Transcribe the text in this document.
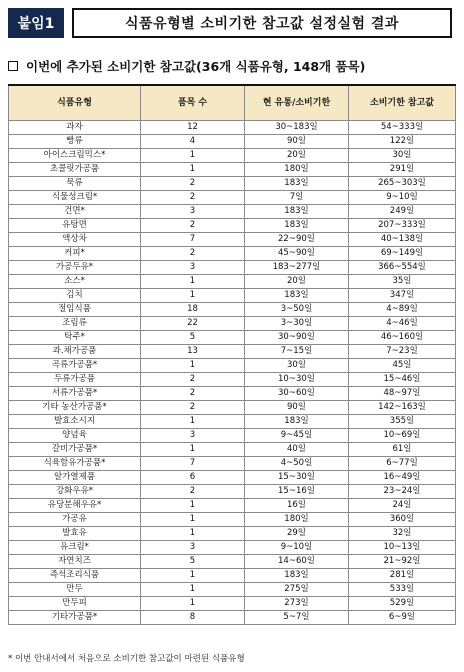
붙임1	식품유형별 소비기한 참고값 설정실험 결과
이번에 추가된 소비기한 참고값(36개 식품유형, 148개 품목)
식품유형	품목 수	현 유통/소비기한	소비기한 참고값
과자	12	30~183일	54~333일
빵류	4	90일	122일
아이스크림믹스*	1	20일	30일
초콜릿가공품	1	180일	291일
묵류	2	183일	265~303일
식물성크림*	2	7일	9~10일
건면*	3	183일	249일
유탕면	2	183일	207~333일
액상차	7	22~90일	40~138일
커피*	2	45~90일	69~149일
가공두유*	3	183~277일	366~554일
소스*	1	20일	35일
김치	1	183일	347일
절임식품	18	3~50일	4~89일
조림류	22	3~30일	4~46일
탁주*	5	30~90일	46~160일
과.채가공품	13	7~15일	7~23일
곡류가공품*	1	30일	45일
두류가공품	2	10~30일	15~46일
서류가공품*	2	30~60일	48~97일
기타 농산가공품*	2	90일	142~163일
발효소시지	1	183일	355일
양념육	3	9~45일	10~69일
갈비가공품*	1	40일	61일
식육함유가공품*	7	4~50일	6~77일
알가열제품	6	15~30일	16~49일
강화우유*	2	15~16일	23~24일
유당분해우유*	1	16일	24일
가공유	1	180일	360일
발효유	1	29일	32일
유크림*	3	9~10일	10~13일
자연치즈	5	14~60일	21~92일
즉석조리식품	1	183일	281일
만두	1	275일	533일
만두피	1	273일	529일
기타가공품*	8	5~7일	6~9일
* 이번 안내서에서 처음으로 소비기한 참고값이 마련된 식품유형
